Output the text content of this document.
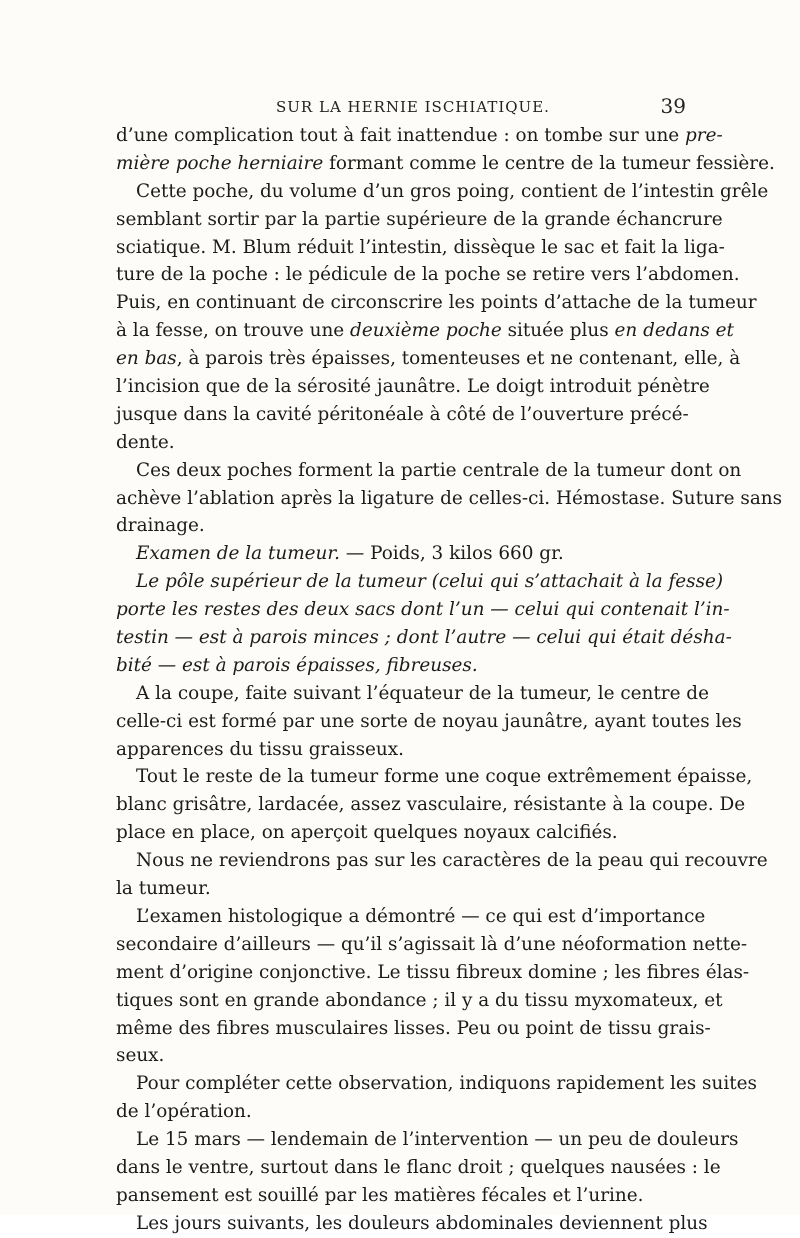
SUR LA HERNIE ISCHIATIQUE.	39
d’une complication tout à fait inattendue : on tombe sur une pre-
mière poche herniaire formant comme le centre de la tumeur fessière.
Cette poche, du volume d’un gros poing, contient de l’intestin grêle
semblant sortir par la partie supérieure de la grande échancrure
sciatique. M. Blum réduit l’intestin, dissèque le sac et fait la liga-
ture de la poche : le pédicule de la poche se retire vers l’abdomen.
Puis, en continuant de circonscrire les points d’attache de la tumeur
à la fesse, on trouve une deuxième poche située plus en dedans et
en bas, à parois très épaisses, tomenteuses et ne contenant, elle, à
l’incision que de la sérosité jaunâtre. Le doigt introduit pénètre
jusque dans la cavité péritonéale à côté de l’ouverture précé-
dente.
Ces deux poches forment la partie centrale de la tumeur dont on
achève l’ablation après la ligature de celles-ci. Hémostase. Suture sans
drainage.
Examen de la tumeur. — Poids, 3 kilos 660 gr.
Le pôle supérieur de la tumeur (celui qui s’attachait à la fesse)
porte les restes des deux sacs dont l’un — celui qui contenait l’in-
testin — est à parois minces ; dont l’autre — celui qui était désha-
bité — est à parois épaisses, fibreuses.
A la coupe, faite suivant l’équateur de la tumeur, le centre de
celle-ci est formé par une sorte de noyau jaunâtre, ayant toutes les
apparences du tissu graisseux.
Tout le reste de la tumeur forme une coque extrêmement épaisse,
blanc grisâtre, lardacée, assez vasculaire, résistante à la coupe. De
place en place, on aperçoit quelques noyaux calcifiés.
Nous ne reviendrons pas sur les caractères de la peau qui recouvre
la tumeur.
L’examen histologique a démontré — ce qui est d’importance
secondaire d’ailleurs — qu’il s’agissait là d’une néoformation nette-
ment d’origine conjonctive. Le tissu fibreux domine ; les fibres élas-
tiques sont en grande abondance ; il y a du tissu myxomateux, et
même des fibres musculaires lisses. Peu ou point de tissu grais-
seux.
Pour compléter cette observation, indiquons rapidement les suites
de l’opération.
Le 15 mars — lendemain de l’intervention — un peu de douleurs
dans le ventre, surtout dans le flanc droit ; quelques nausées : le
pansement est souillé par les matières fécales et l’urine.
Les jours suivants, les douleurs abdominales deviennent plus
